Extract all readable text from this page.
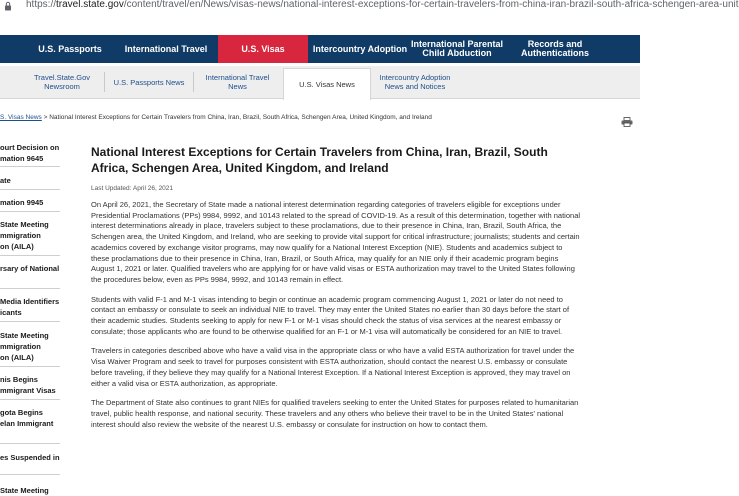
https://travel.state.gov/content/travel/en/News/visas-news/national-interest-exceptions-for-certain-travelers-from-china-iran-brazil-south-africa-schengen-area-unit
U.S. Passports	International Travel	U.S. Visas	Intercountry Adoption International Parental Child Abduction
Records and Authentications
Travel.State.Gov Newsroom	U.S. Passports News	International Travel News	U.S. Visas News
Intercountry Adoption News and Notices
S. Visas News > National Interest Exceptions for Certain Travelers from China, Iran, Brazil, South Africa, Schengen Area, United Kingdom, and Ireland
ourt Decision on
mation 9645
ate
mation 9945
State Meeting
mmigration
on (AILA)
rsary of National
Media Identifiers
icants
State Meeting
mmigration
on (AILA)
nis Begins
mmigrant Visas
gota Begins
elan Immigrant
es Suspended in
State Meeting
National Interest Exceptions for Certain Travelers from China, Iran, Brazil, South Africa, Schengen Area, United Kingdom, and Ireland
Last Updated: April 26, 2021

On April 26, 2021, the Secretary of State made a national interest determination regarding categories of travelers eligible for exceptions under Presidential Proclamations (PPs) 9984, 9992, and 10143 related to the spread of COVID-19. As a result of this determination, together with national interest determinations already in place, travelers subject to these proclamations, due to their presence in China, Iran, Brazil, South Africa, the Schengen area, the United Kingdom, and Ireland, who are seeking to provide vital support for critical infrastructure; journalists; students and certain academics covered by exchange visitor programs, may now qualify for a National Interest Exception (NIE). Students and academics subject to these proclamations due to their presence in China, Iran, Brazil, or South Africa, may qualify for an NIE only if their academic program begins August 1, 2021 or later. Qualified travelers who are applying for or have valid visas or ESTA authorization may travel to the United States following the procedures below, even as PPs 9984, 9992, and 10143 remain in effect.

Students with valid F-1 and M-1 visas intending to begin or continue an academic program commencing August 1, 2021 or later do not need to contact an embassy or consulate to seek an individual NIE to travel. They may enter the United States no earlier than 30 days before the start of their academic studies. Students seeking to apply for new F-1 or M-1 visas should check the status of visa services at the nearest embassy or consulate; those applicants who are found to be otherwise qualified for an F-1 or M-1 visa will automatically be considered for an NIE to travel.

Travelers in categories described above who have a valid visa in the appropriate class or who have a valid ESTA authorization for travel under the Visa Waiver Program and seek to travel for purposes consistent with ESTA authorization, should contact the nearest U.S. embassy or consulate before traveling, if they believe they may qualify for a National Interest Exception. If a National Interest Exception is approved, they may travel on either a valid visa or ESTA authorization, as appropriate.

The Department of State also continues to grant NIEs for qualified travelers seeking to enter the United States for purposes related to humanitarian travel, public health response, and national security. These travelers and any others who believe their travel to be in the United States' national interest should also review the website of the nearest U.S. embassy or consulate for instruction on how to contact them.
